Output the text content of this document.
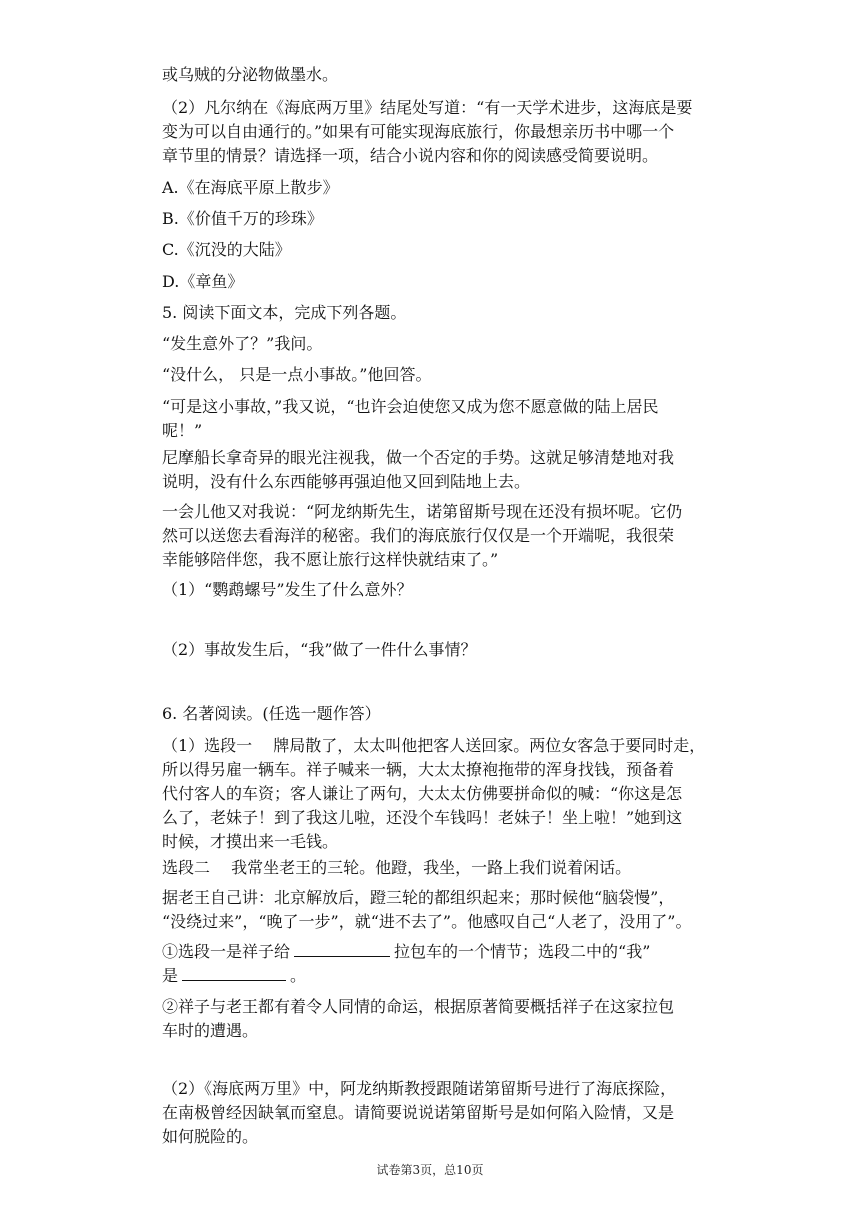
或乌贼的分泌物做墨水。
（2）凡尔纳在《海底两万里》结尾处写道：“有一天学术进步，这海底是要
变为可以自由通行的。”如果有可能实现海底旅行，你最想亲历书中哪一个
章节里的情景？请选择一项，结合小说内容和你的阅读感受简要说明。
A.《在海底平原上散步》
B.《价值千万的珍珠》
C.《沉没的大陆》
D.《章鱼》
5. 阅读下面文本，完成下列各题。
“发生意外了？”我问。
“没什么， 只是一点小事故。”他回答。
“可是这小事故，”我又说，“也许会迫使您又成为您不愿意做的陆上居民
呢！”
尼摩船长拿奇异的眼光注视我，做一个否定的手势。这就足够清楚地对我
说明，没有什么东西能够再强迫他又回到陆地上去。
一会儿他又对我说：“阿龙纳斯先生，诺第留斯号现在还没有损坏呢。它仍
然可以送您去看海洋的秘密。我们的海底旅行仅仅是一个开端呢，我很荣
幸能够陪伴您，我不愿让旅行这样快就结束了。”
（1）“鹦鹉螺号”发生了什么意外？
（2）事故发生后，“我”做了一件什么事情？
6. 名著阅读。(任选一题作答）
（1）选段一　 牌局散了，太太叫他把客人送回家。两位女客急于要同时走，
所以得另雇一辆车。祥子喊来一辆，大太太撩袍拖带的浑身找钱，预备着
代付客人的车资；客人谦让了两句，大太太仿佛要拼命似的喊：“你这是怎
么了，老妹子！到了我这儿啦，还没个车钱吗！老妹子！坐上啦！”她到这
时候，才摸出来一毛钱。
选段二　 我常坐老王的三轮。他蹬，我坐，一路上我们说着闲话。
据老王自己讲：北京解放后，蹬三轮的都组织起来；那时候他“脑袋慢”，
“没绕过来”，“晚了一步”，就“进不去了”。他感叹自己“人老了，没用了”。
①选段一是祥子给	拉包车的一个情节；选段二中的“我”
是	。
②祥子与老王都有着令人同情的命运，根据原著简要概括祥子在这家拉包
车时的遭遇。
（2）《海底两万里》中，阿龙纳斯教授跟随诺第留斯号进行了海底探险，
在南极曾经因缺氧而窒息。请简要说说诺第留斯号是如何陷入险情，又是
如何脱险的。
试卷第3页，总10页
